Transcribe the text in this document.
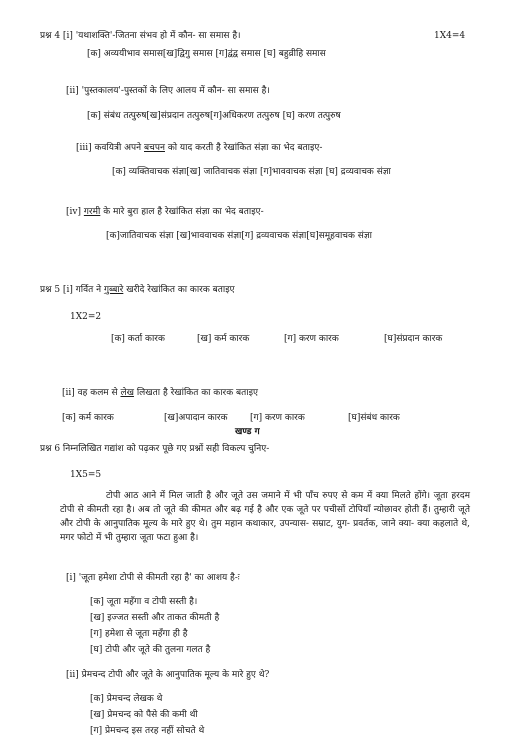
प्रश्न 4 [i] 'यथाशक्ति'-जितना संभव हो में कौन- सा समास है।	1X4=4
[क] अव्ययीभाव समास[ख]द्विगु समास [ग]द्वंद्व समास [घ] बहुव्रीहि समास
[ii] 'पुस्तकालय'-पुस्तकों के लिए आलय में कौन- सा समास है।
[क] संबंध तत्पुरुष[ख]संप्रदान तत्पुरुष[ग]अधिकरण तत्पुरुष [घ] करण तत्पुरुष
[iii] कवयित्री अपने बचपन को याद करती है रेखांकित संज्ञा का भेद बताइए-
[क] व्यक्तिवाचक संज्ञा[ख] जातिवाचक संज्ञा [ग]भाववाचक संज्ञा [घ] द्रव्यवाचक संज्ञा
[iv] गरमी के मारे बुरा हाल है रेखांकित संज्ञा का भेद बताइए-
[क]जातिवाचक संज्ञा [ख]भाववाचक संज्ञा[ग] द्रव्यवाचक संज्ञा[घ]समूहवाचक संज्ञा
प्रश्न 5 [i] गर्वित ने गुब्बारे खरीदे रेखांकित का कारक बताइए
1X2=2
[क] कर्ता कारक	[ख] कर्म कारक	[ग] करण कारक	[घ]संप्रदान कारक
[ii] वह कलम से लेख लिखता है रेखांकित का कारक बताइए
[क] कर्म कारक	[ख]अपादान कारक [ग] करण कारक	[घ]संबंध कारक
खण्ड ग
प्रश्न 6 निम्नलिखित गद्यांश को पढ़कर पूछे गए प्रश्नों सही विकल्प चुनिए-
1X5=5
टोपी आठ आने में मिल जाती है और जूते उस जमाने में भी पाँच रुपए से कम में क्या मिलते होंगे। जूता हरदम टोपी से कीमती रहा है। अब तो जूते की कीमत और बढ़ गई है और एक जूते पर पचीसों टोपियाँ न्योछावर होती हैं। तुम्हारी जूते और टोपी के आनुपातिक मूल्य के मारे हुए थे। तुम महान कथाकार, उपन्यास- सम्राट, युग- प्रवर्तक, जाने क्या- क्या कहलाते थे, मगर फोटो में भी तुम्हारा जूता फटा हुआ है।
[i] 'जूता हमेशा टोपी से कीमती रहा है' का आशय है-ः
[क] जूता महँगा व टोपी सस्ती है।
[ख] इज्जत सस्ती और ताकत कीमती है
[ग] हमेशा से जूता महँगा ही है
[घ] टोपी और जूते की तुलना गलत है
[ii] प्रेमचन्द टोपी और जूते के आनुपातिक मूल्य के मारे हुए थे?
[क] प्रेमचन्द लेखक थे
[ख] प्रेमचन्द को पैसे की कमी थी
[ग] प्रेमचन्द इस तरह नहीं सोचते थे
